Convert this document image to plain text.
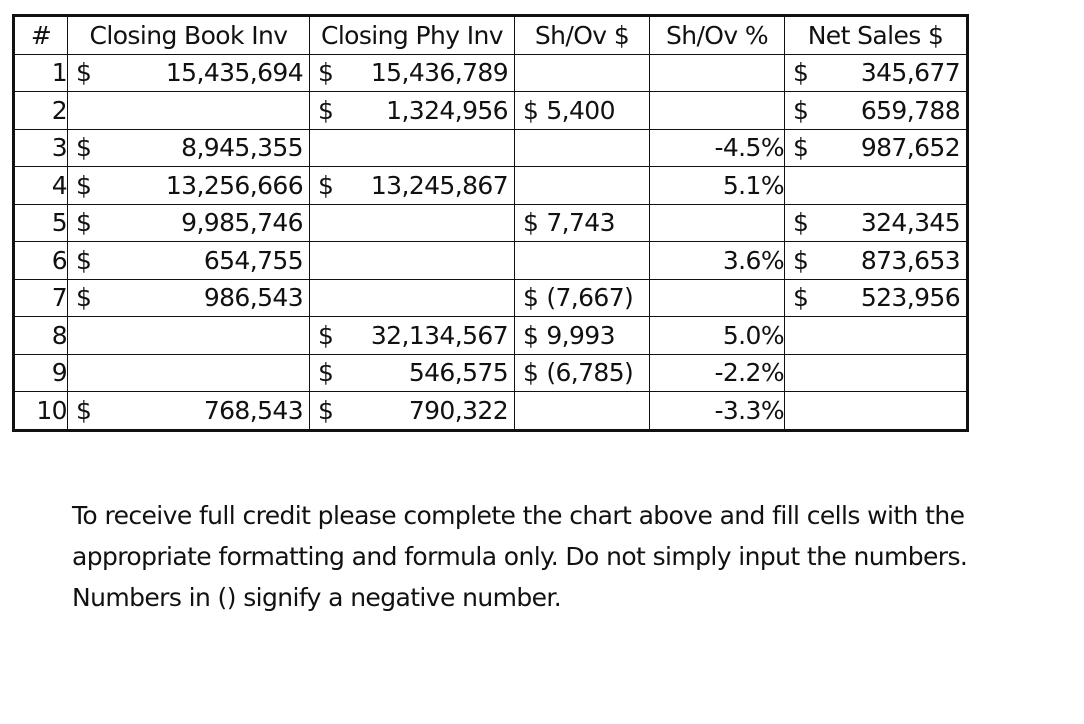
#	Closing Book Inv	Closing Phy Inv	Sh/Ov $	Sh/Ov %	Net Sales $
1	$ 15,435,694	$ 15,436,789			$ 345,677

2		$ 1,324,956	$ 5,400		$ 659,788

3	$ 8,945,355			-4.5%	$ 987,652

4	$ 13,256,666	$ 13,245,867		5.1%	
5	$ 9,985,746		$ 7,743		$ 324,345

6	$ 654,755			3.6%	$ 873,653

7	$ 986,543		$ (7,667)		$ 523,956

8		$ 32,134,567	$ 9,993	5.0%	
9		$ 546,575	$ (6,785)	-2.2%	
10	$ 768,543	$ 790,322		-3.3%	

To receive full credit please complete the chart above and fill cells with the appropriate formatting and formula only. Do not simply input the numbers. Numbers in () signify a negative number.
